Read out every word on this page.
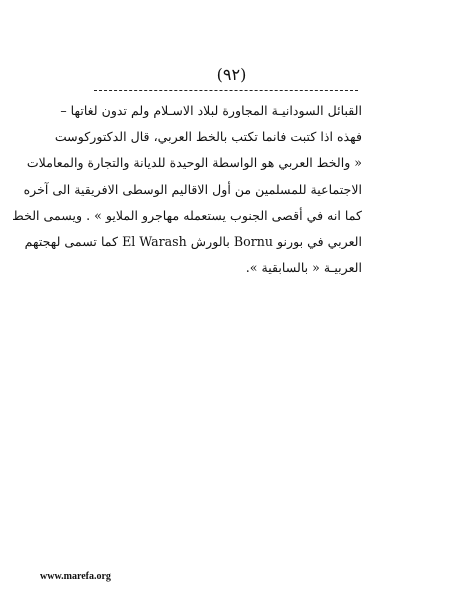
(٩٢)
القبائل السودانيـة المجاورة لبلاد الاسـلام ولم تدون لغاتها –
فهذه اذا كتبت فانما تكتب بالخط العربي، قال الدكتوركوست
« والخط العربي هو الواسطة الوحيدة للديانة والتجارة والمعاملات
الاجتماعية للمسلمين من أول الاقاليم الوسطى الافريقية الى آخره
كما انه في أقصى الجنوب يستعمله مهاجرو الملايو » . ويسمى الخط
العربي في بورنو Bornu بالورش El Warash كما تسمى لهجتهم
العربيـة « بالسابقية ».
www.marefa.org
